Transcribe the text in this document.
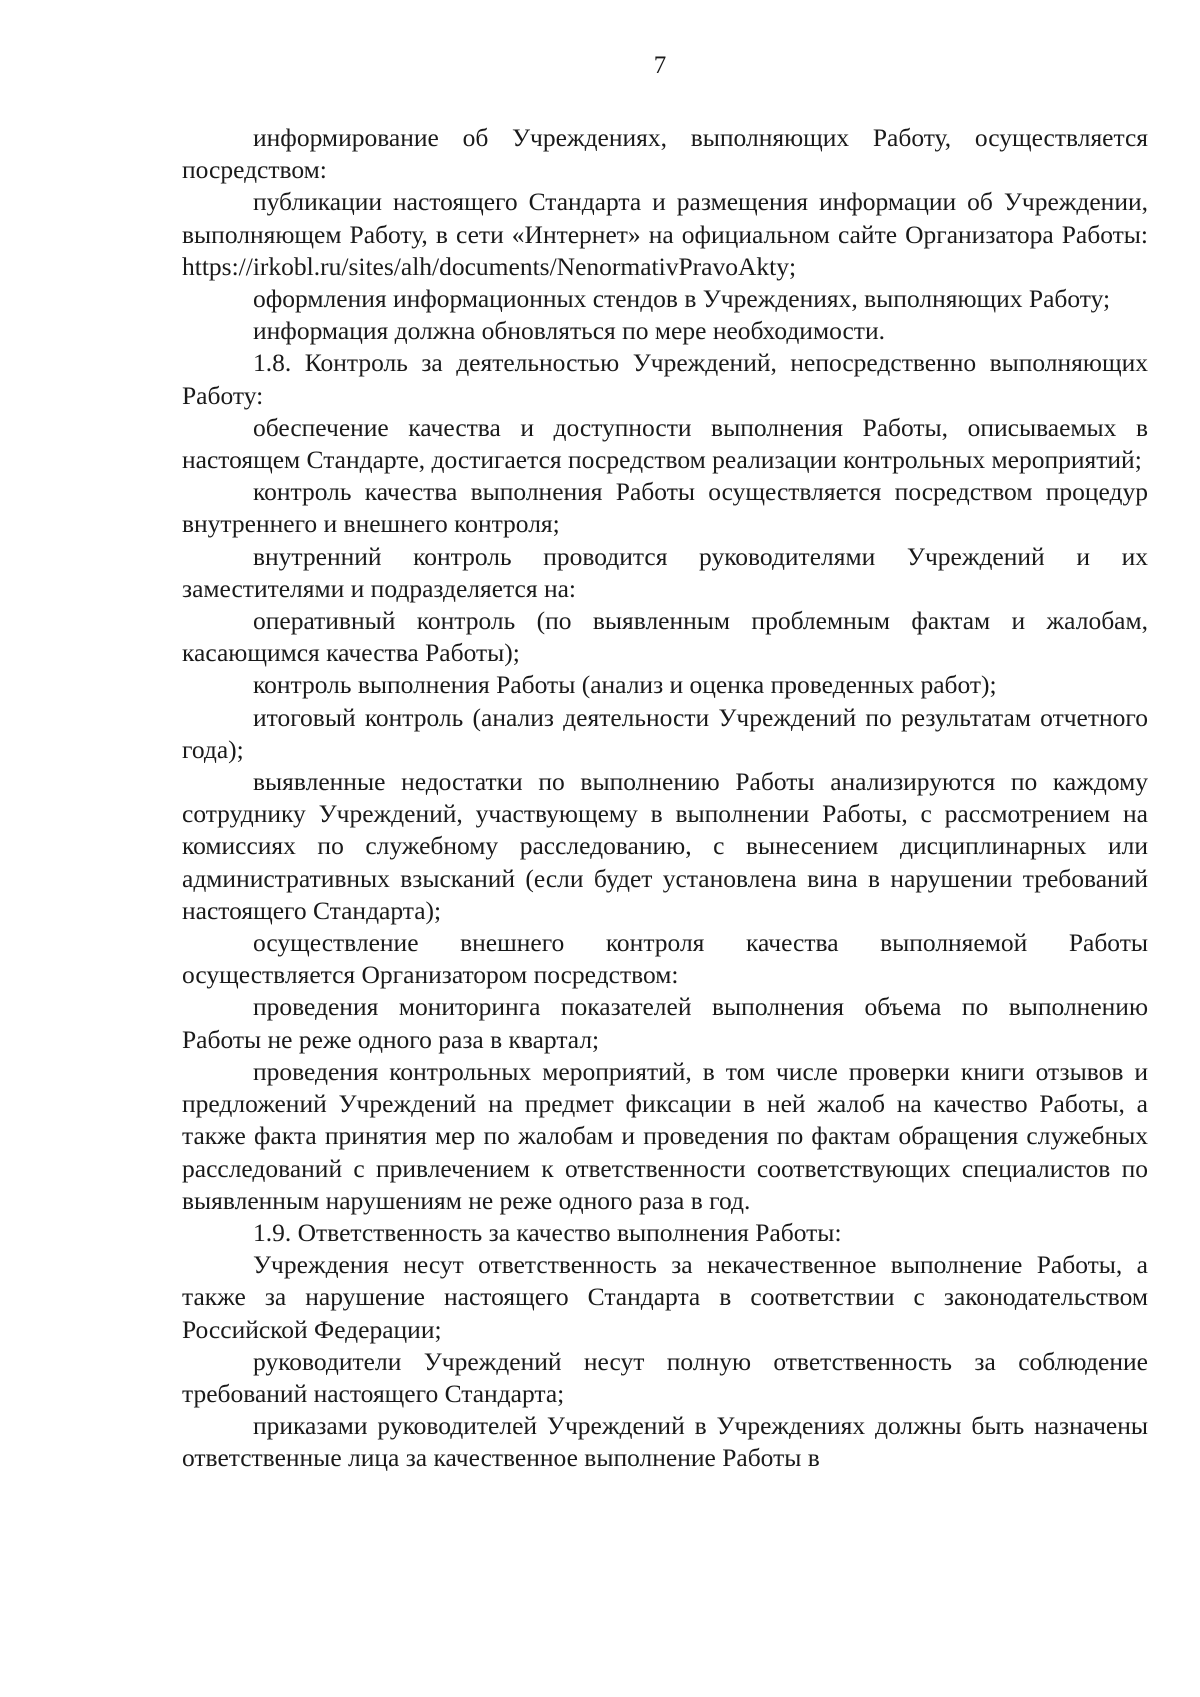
7

информирование об Учреждениях, выполняющих Работу, осуществляется посредством:

публикации настоящего Стандарта и размещения информации об Учреждении, выполняющем Работу, в сети «Интернет» на официальном сайте Организатора Работы: https://irkobl.ru/sites/alh/documents/NenormativPravoAkty;

оформления информационных стендов в Учреждениях, выполняющих Работу;

информация должна обновляться по мере необходимости.

1.8. Контроль за деятельностью Учреждений, непосредственно выполняющих Работу:

обеспечение качества и доступности выполнения Работы, описываемых в настоящем Стандарте, достигается посредством реализации контрольных мероприятий;

контроль качества выполнения Работы осуществляется посредством процедур внутреннего и внешнего контроля;

внутренний контроль проводится руководителями Учреждений и их заместителями и подразделяется на:

оперативный контроль (по выявленным проблемным фактам и жалобам, касающимся качества Работы);

контроль выполнения Работы (анализ и оценка проведенных работ);

итоговый контроль (анализ деятельности Учреждений по результатам отчетного года);

выявленные недостатки по выполнению Работы анализируются по каждому сотруднику Учреждений, участвующему в выполнении Работы, с рассмотрением на комиссиях по служебному расследованию, с вынесением дисциплинарных или административных взысканий (если будет установлена вина в нарушении требований настоящего Стандарта);

осуществление внешнего контроля качества выполняемой Работы осуществляется Организатором посредством:

проведения мониторинга показателей выполнения объема по выполнению Работы не реже одного раза в квартал;

проведения контрольных мероприятий, в том числе проверки книги отзывов и предложений Учреждений на предмет фиксации в ней жалоб на качество Работы, а также факта принятия мер по жалобам и проведения по фактам обращения служебных расследований с привлечением к ответственности соответствующих специалистов по выявленным нарушениям не реже одного раза в год.

1.9. Ответственность за качество выполнения Работы:

Учреждения несут ответственность за некачественное выполнение Работы, а также за нарушение настоящего Стандарта в соответствии с законодательством Российской Федерации;

руководители Учреждений несут полную ответственность за соблюдение требований настоящего Стандарта;

приказами руководителей Учреждений в Учреждениях должны быть назначены ответственные лица за качественное выполнение Работы в
